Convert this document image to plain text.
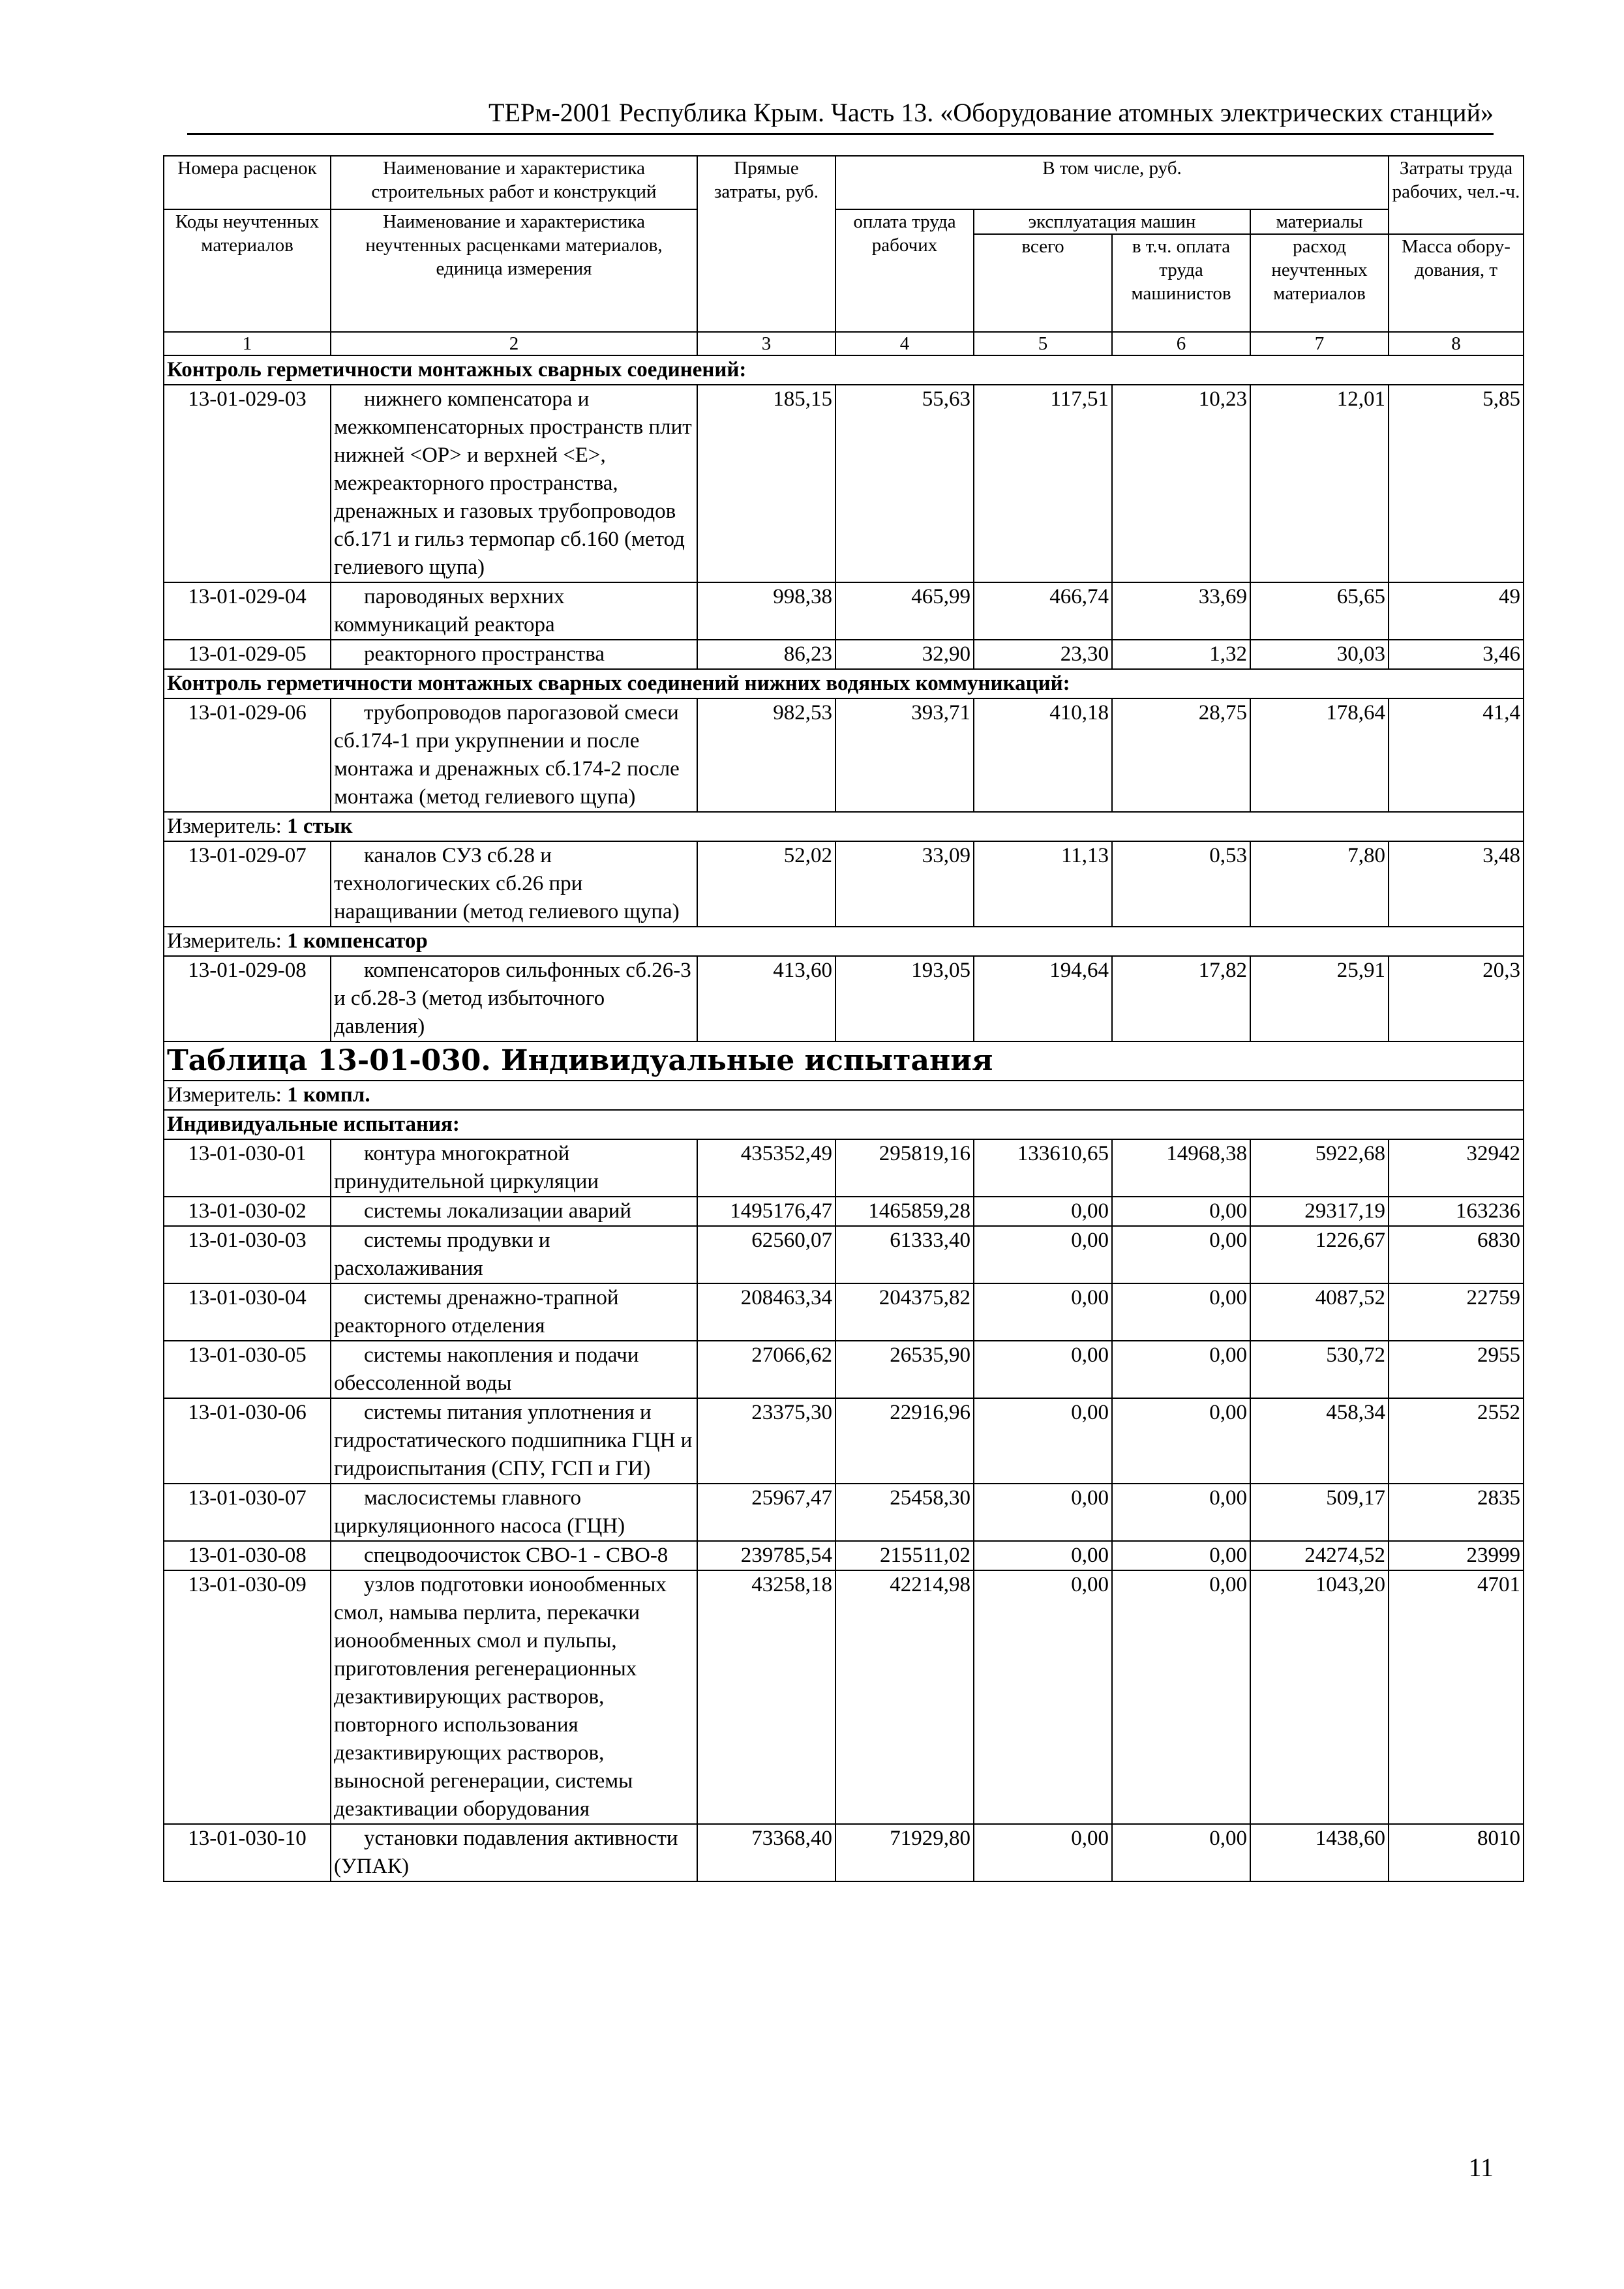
ТЕРм-2001 Республика Крым. Часть 13. «Оборудование атомных электрических станций»
Номера расценок	Наименование и характеристика строительных работ и конструкций	Прямые затраты, руб.	В том числе, руб.				Затраты труда рабочих, чел.-ч.
Коды неучтенных материалов	Наименование и характеристика неучтенных расценками материалов, единица измерения		оплата труда рабочих	эксплуатация машин		материалы	
				всего	в т.ч. оплата труда машинистов	расход неучтенных материалов	Масса обору-дования, т
1	2	3	4	5	6	7	8
Контроль герметичности монтажных сварных соединений:							
13-01-029-03	нижнего компенсатора и межкомпенсаторных пространств плит нижней <ОР> и верхней <Е>, межреакторного пространства, дренажных и газовых трубопроводов сб.171 и гильз термопар сб.160 (метод гелиевого щупа)	185,15	55,63	117,51	10,23	12,01	5,85
13-01-029-04	пароводяных верхних коммуникаций реактора	998,38	465,99	466,74	33,69	65,65	49
13-01-029-05	реакторного пространства	86,23	32,90	23,30	1,32	30,03	3,46
Контроль герметичности монтажных сварных соединений нижних водяных коммуникаций:							
13-01-029-06	трубопроводов парогазовой смеси сб.174-1 при укрупнении и после монтажа и дренажных сб.174-2 после монтажа (метод гелиевого щупа)	982,53	393,71	410,18	28,75	178,64	41,4
Измеритель: 1 стык							
13-01-029-07	каналов СУЗ сб.28 и технологических сб.26 при наращивании (метод гелиевого щупа)	52,02	33,09	11,13	0,53	7,80	3,48
Измеритель: 1 компенсатор							
13-01-029-08	компенсаторов сильфонных сб.26-3 и сб.28-3 (метод избыточного давления)	413,60	193,05	194,64	17,82	25,91	20,3
Таблица 13-01-030. Индивидуальные испытания							
Измеритель: 1 компл.							
Индивидуальные испытания:							
13-01-030-01	контура многократной принудительной циркуляции	435352,49	295819,16	133610,65	14968,38	5922,68	32942
13-01-030-02	системы локализации аварий	1495176,47	1465859,28	0,00	0,00	29317,19	163236
13-01-030-03	системы продувки и расхолаживания	62560,07	61333,40	0,00	0,00	1226,67	6830
13-01-030-04	системы дренажно-трапной реакторного отделения	208463,34	204375,82	0,00	0,00	4087,52	22759
13-01-030-05	системы накопления и подачи обессоленной воды	27066,62	26535,90	0,00	0,00	530,72	2955
13-01-030-06	системы питания уплотнения и гидростатического подшипника ГЦН и гидроиспытания (СПУ, ГСП и ГИ)	23375,30	22916,96	0,00	0,00	458,34	2552
13-01-030-07	маслосистемы главного циркуляционного насоса (ГЦН)	25967,47	25458,30	0,00	0,00	509,17	2835
13-01-030-08	спецводоочисток СВО-1 - СВО-8	239785,54	215511,02	0,00	0,00	24274,52	23999
13-01-030-09	узлов подготовки ионообменных смол, намыва перлита, перекачки ионообменных смол и пульпы, приготовления регенерационных дезактивирующих растворов, повторного использования дезактивирующих растворов, выносной регенерации, системы дезактивации оборудования	43258,18	42214,98	0,00	0,00	1043,20	4701
13-01-030-10	установки подавления активности (УПАК)	73368,40	71929,80	0,00	0,00	1438,60	8010
11
